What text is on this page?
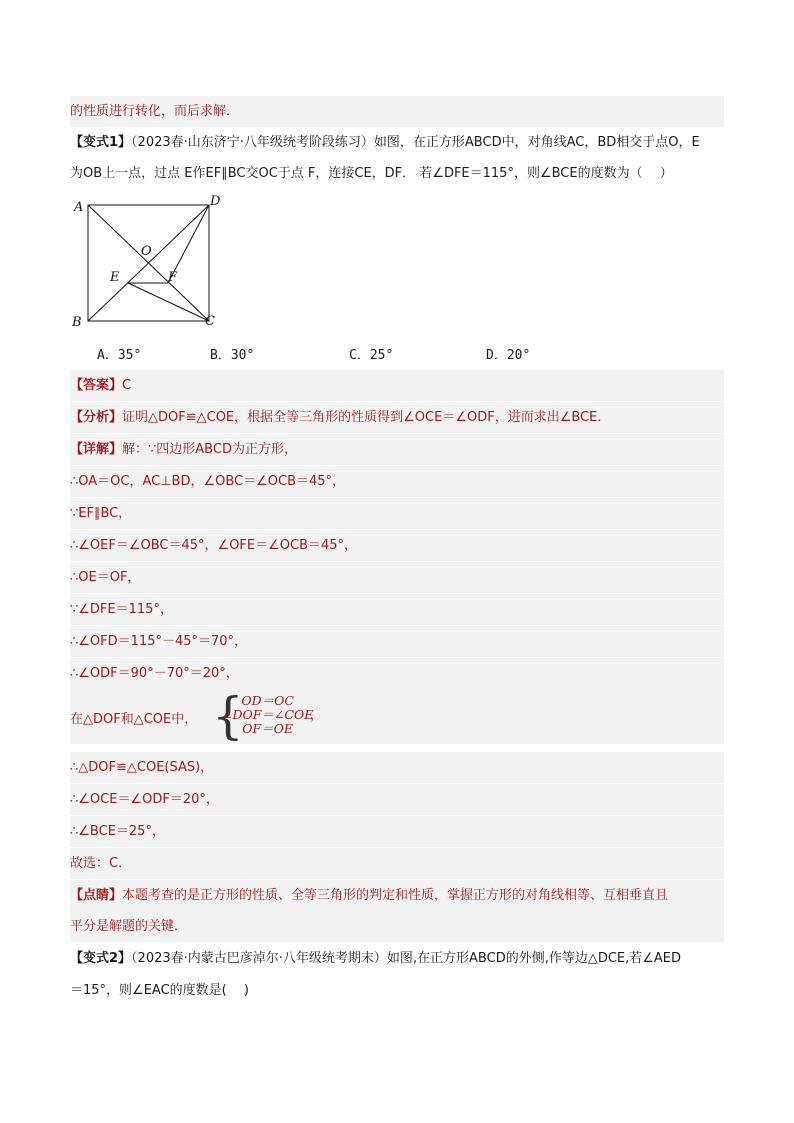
的性质进行转化，而后求解．
【变式1】（2023春·山东济宁·八年级统考阶段练习）如图，在正方形ABCD中，对角线AC，BD相交于点O，E
为OB上一点，过点 E作EF∥BC交OC于点 F，连接CE，DF． 若∠DFE＝115°，则∠BCE的度数为（　 ）
A	D
B	C
O
E	F
A．35°	B．30°	C．25°	D．20°
【答案】C
【分析】证明△DOF≌△COE，根据全等三角形的性质得到∠OCE＝∠ODF，进而求出∠BCE．
【详解】解：∵四边形ABCD为正方形，
∴OA＝OC，AC⊥BD，∠OBC＝∠OCB＝45°，
∵EF∥BC，
∴∠OEF＝∠OBC＝45°，∠OFE＝∠OCB＝45°，
∴OE＝OF，
∵∠DFE＝115°，
∴∠OFD＝115°－45°＝70°，
∴∠ODF＝90°－70°＝20°，
在△DOF和△COE中， {
OD＝OC
∠DOF＝∠COE
OF＝OE
，
∴△DOF≌△COE(SAS)，
∴∠OCE＝∠ODF＝20°，
∴∠BCE＝25°，
故选：C．
【点睛】本题考查的是正方形的性质、全等三角形的判定和性质，掌握正方形的对角线相等、互相垂直且
平分是解题的关键．
【变式2】（2023春·内蒙古巴彦淖尔·八年级统考期末）如图,在正方形ABCD的外侧,作等边△DCE,若∠AED
＝15°，则∠EAC的度数是(　 )
